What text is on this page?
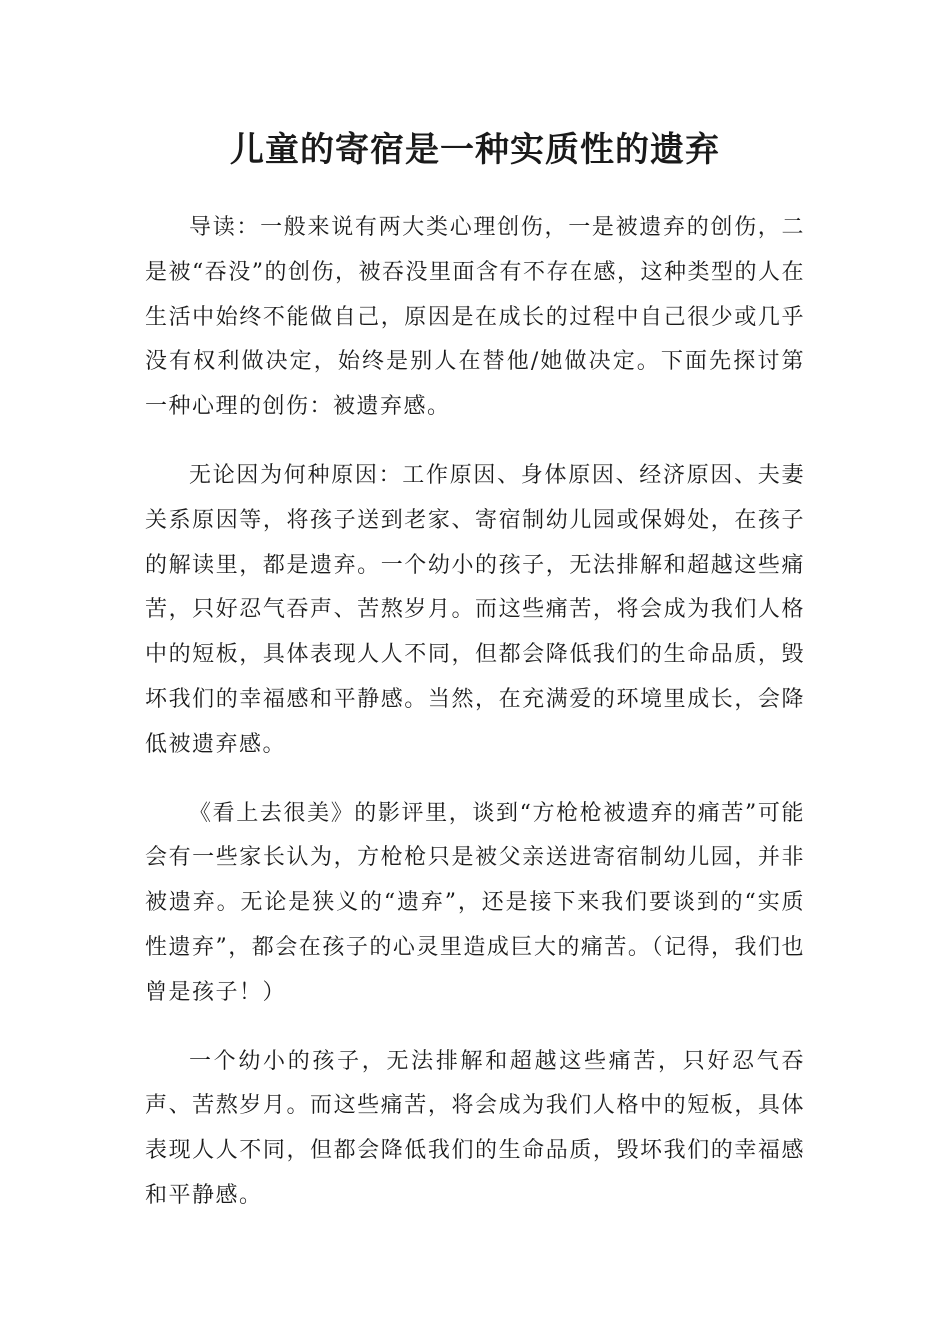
儿童的寄宿是一种实质性的遗弃

导读：一般来说有两大类心理创伤，一是被遗弃的创伤，二是被“吞没”的创伤，被吞没里面含有不存在感，这种类型的人在生活中始终不能做自己，原因是在成长的过程中自己很少或几乎没有权利做决定，始终是别人在替他/她做决定。下面先探讨第一种心理的创伤：被遗弃感。

无论因为何种原因：工作原因、身体原因、经济原因、夫妻关系原因等，将孩子送到老家、寄宿制幼儿园或保姆处，在孩子的解读里，都是遗弃。一个幼小的孩子，无法排解和超越这些痛苦，只好忍气吞声、苦熬岁月。而这些痛苦，将会成为我们人格中的短板，具体表现人人不同，但都会降低我们的生命品质，毁坏我们的幸福感和平静感。当然，在充满爱的环境里成长，会降低被遗弃感。

《看上去很美》的影评里，谈到“方枪枪被遗弃的痛苦”可能会有一些家长认为，方枪枪只是被父亲送进寄宿制幼儿园，并非被遗弃。无论是狭义的“遗弃”，还是接下来我们要谈到的“实质性遗弃”，都会在孩子的心灵里造成巨大的痛苦。（记得，我们也曾是孩子！）

一个幼小的孩子，无法排解和超越这些痛苦，只好忍气吞声、苦熬岁月。而这些痛苦，将会成为我们人格中的短板，具体表现人人不同，但都会降低我们的生命品质，毁坏我们的幸福感和平静感。
